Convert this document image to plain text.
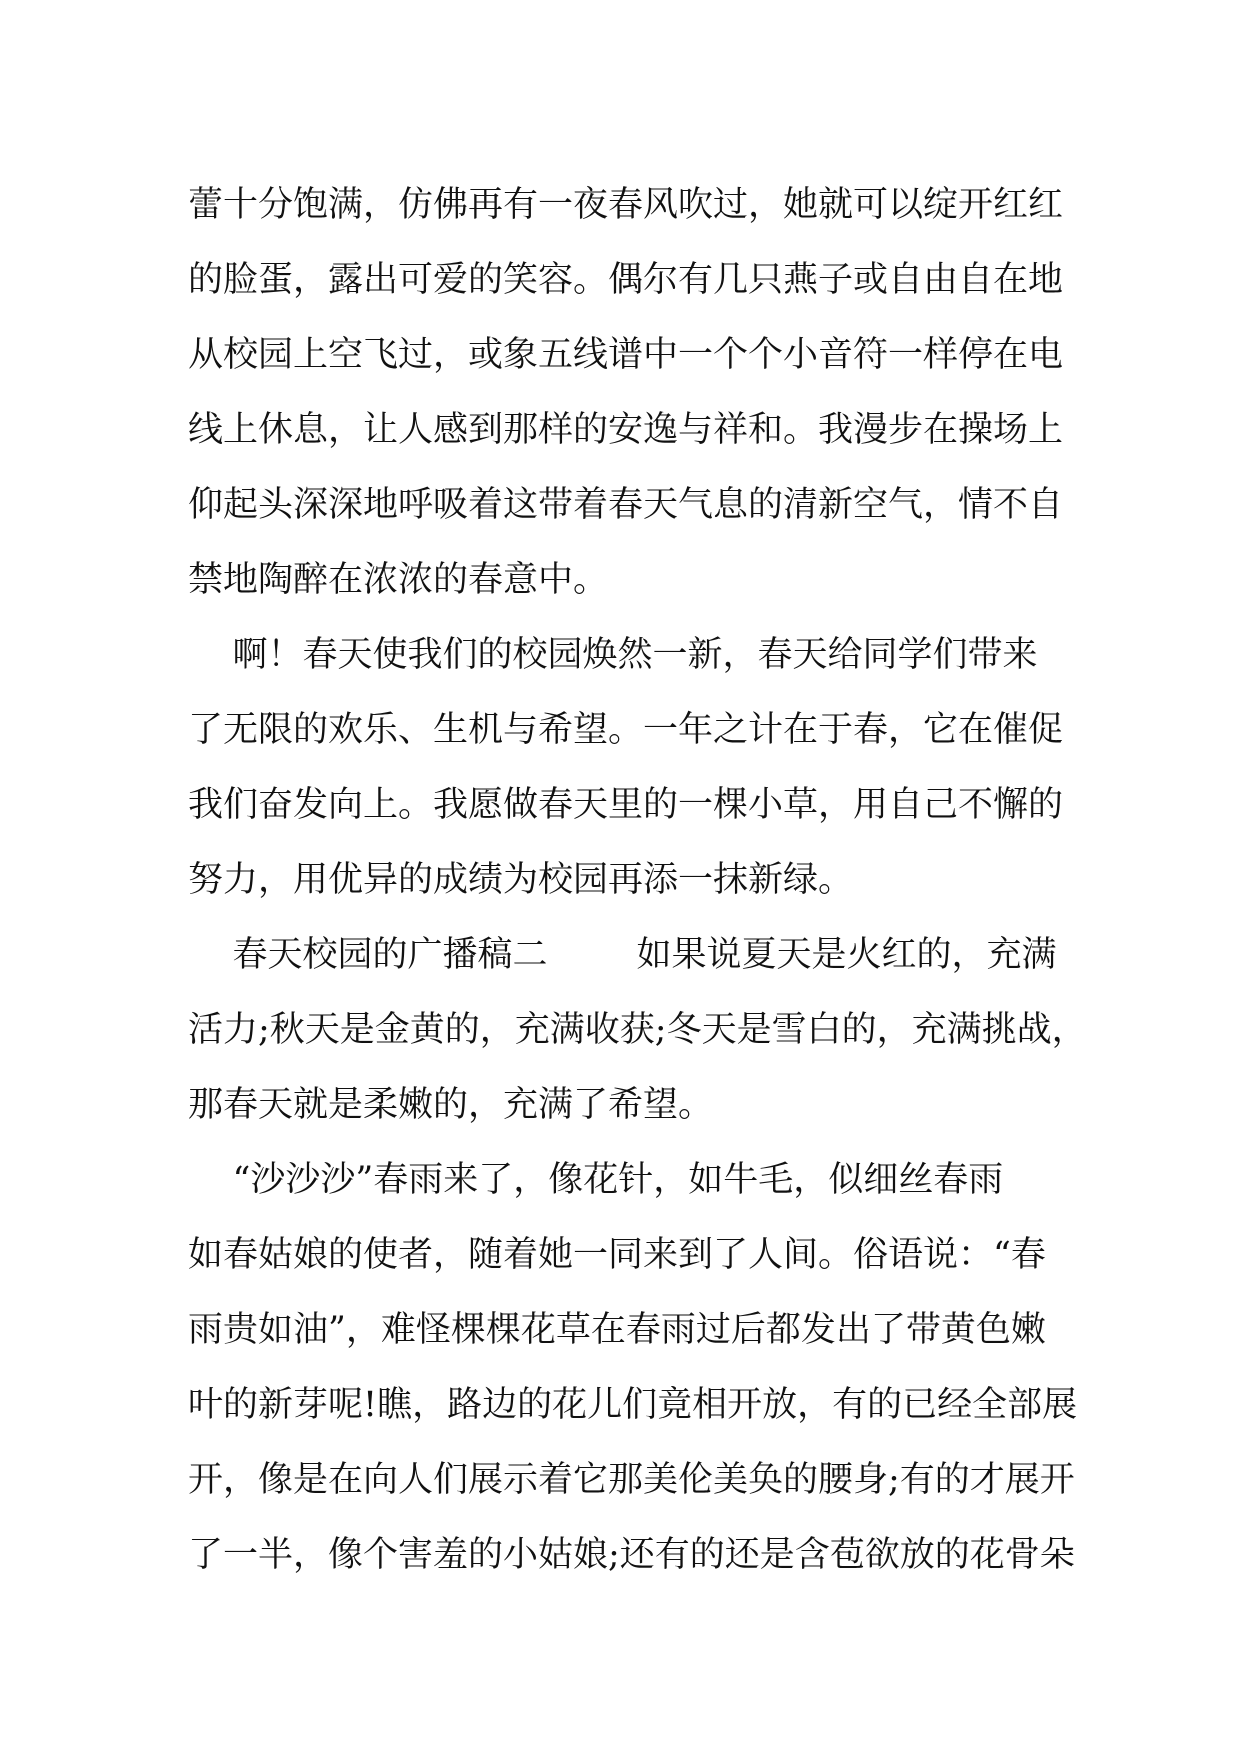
蕾十分饱满，仿佛再有一夜春风吹过，她就可以绽开红红
的脸蛋，露出可爱的笑容。偶尔有几只燕子或自由自在地
从校园上空飞过，或象五线谱中一个个小音符一样停在电
线上休息，让人感到那样的安逸与祥和。我漫步在操场上
仰起头深深地呼吸着这带着春天气息的清新空气，情不自
禁地陶醉在浓浓的春意中。
啊！春天使我们的校园焕然一新，春天给同学们带来
了无限的欢乐、生机与希望。一年之计在于春，它在催促
我们奋发向上。我愿做春天里的一棵小草，用自己不懈的
努力，用优异的成绩为校园再添一抹新绿。
春天校园的广播稿二        如果说夏天是火红的，充满
活力;秋天是金黄的，充满收获;冬天是雪白的，充满挑战，
那春天就是柔嫩的，充满了希望。
“沙沙沙”春雨来了，像花针，如牛毛，似细丝春雨
如春姑娘的使者，随着她一同来到了人间。俗语说：“春
雨贵如油”，难怪棵棵花草在春雨过后都发出了带黄色嫩
叶的新芽呢!瞧，路边的花儿们竟相开放，有的已经全部展
开，像是在向人们展示着它那美伦美奂的腰身;有的才展开
了一半，像个害羞的小姑娘;还有的还是含苞欲放的花骨朵
